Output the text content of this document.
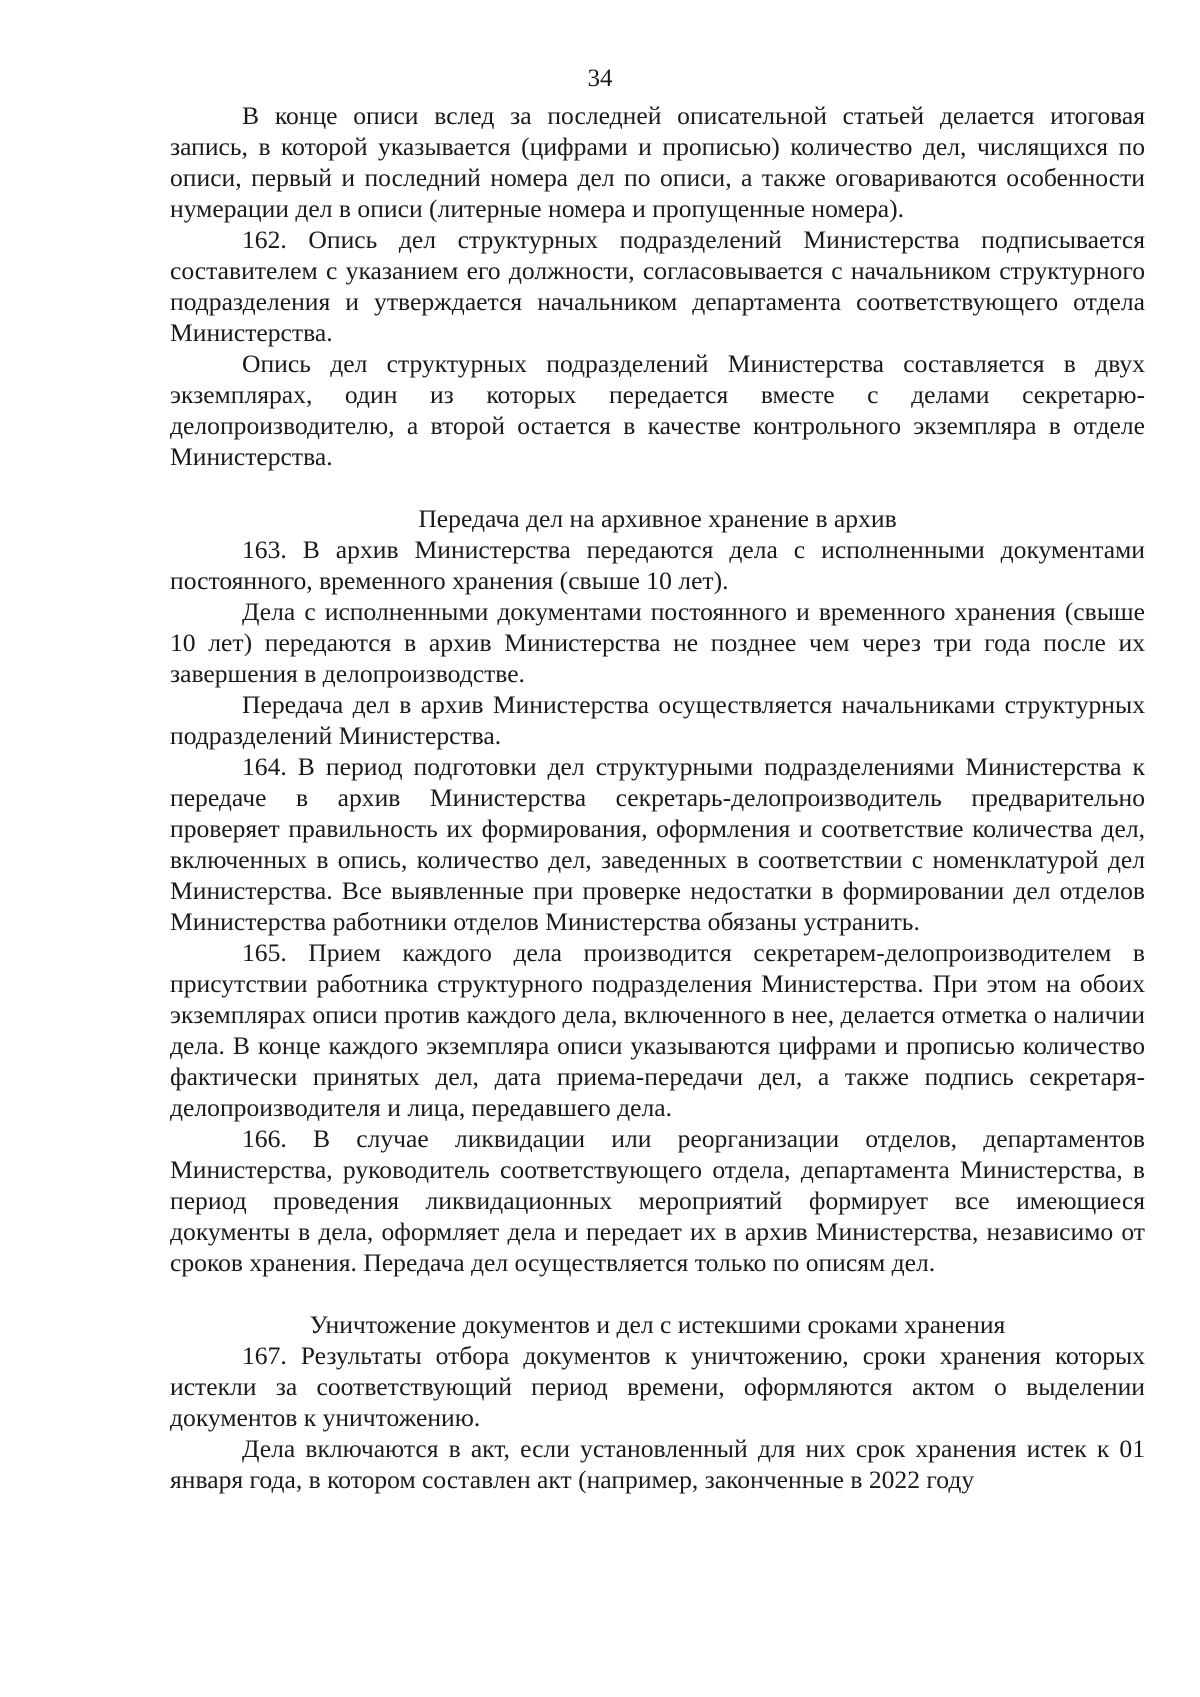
34

В конце описи вслед за последней описательной статьей делается итоговая запись, в которой указывается (цифрами и прописью) количество дел, числящихся по описи, первый и последний номера дел по описи, а также оговариваются особенности нумерации дел в описи (литерные номера и пропущенные номера).

162. Опись дел структурных подразделений Министерства подписывается составителем с указанием его должности, согласовывается с начальником структурного подразделения и утверждается начальником департамента соответствующего отдела Министерства.

Опись дел структурных подразделений Министерства составляется в двух экземплярах, один из которых передается вместе с делами секретарю-делопроизводителю, а второй остается в качестве контрольного экземпляра в отделе Министерства.

Передача дел на архивное хранение в архив

163. В архив Министерства передаются дела с исполненными документами постоянного, временного хранения (свыше 10 лет).

Дела с исполненными документами постоянного и временного хранения (свыше 10 лет) передаются в архив Министерства не позднее чем через три года после их завершения в делопроизводстве.

Передача дел в архив Министерства осуществляется начальниками структурных подразделений Министерства.

164. В период подготовки дел структурными подразделениями Министерства к передаче в архив Министерства секретарь-делопроизводитель предварительно проверяет правильность их формирования, оформления и соответствие количества дел, включенных в опись, количество дел, заведенных в соответствии с номенклатурой дел Министерства. Все выявленные при проверке недостатки в формировании дел отделов Министерства работники отделов Министерства обязаны устранить.

165. Прием каждого дела производится секретарем-делопроизводителем в присутствии работника структурного подразделения Министерства. При этом на обоих экземплярах описи против каждого дела, включенного в нее, делается отметка о наличии дела. В конце каждого экземпляра описи указываются цифрами и прописью количество фактически принятых дел, дата приема-передачи дел, а также подпись секретаря-делопроизводителя и лица, передавшего дела.

166. В случае ликвидации или реорганизации отделов, департаментов Министерства, руководитель соответствующего отдела, департамента Министерства, в период проведения ликвидационных мероприятий формирует все имеющиеся документы в дела, оформляет дела и передает их в архив Министерства, независимо от сроков хранения. Передача дел осуществляется только по описям дел.

Уничтожение документов и дел с истекшими сроками хранения

167. Результаты отбора документов к уничтожению, сроки хранения которых истекли за соответствующий период времени, оформляются актом о выделении документов к уничтожению.

Дела включаются в акт, если установленный для них срок хранения истек к 01 января года, в котором составлен акт (например, законченные в 2022 году
